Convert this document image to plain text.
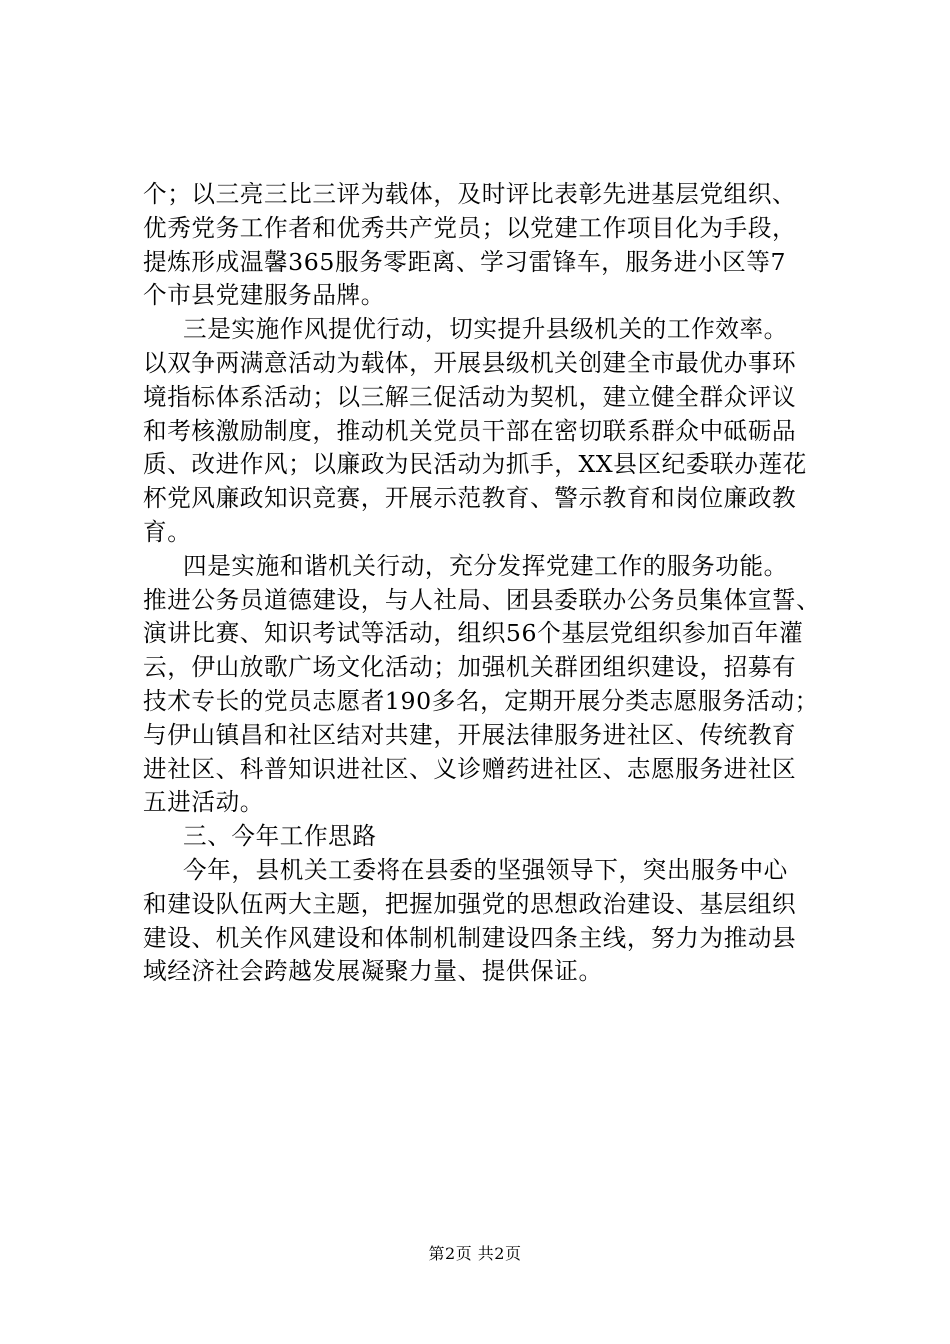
个；以三亮三比三评为载体，及时评比表彰先进基层党组织、
优秀党务工作者和优秀共产党员；以党建工作项目化为手段，
提炼形成温馨365服务零距离、学习雷锋车，服务进小区等7
个市县党建服务品牌。
三是实施作风提优行动，切实提升县级机关的工作效率。
以双争两满意活动为载体，开展县级机关创建全市最优办事环
境指标体系活动；以三解三促活动为契机，建立健全群众评议
和考核激励制度，推动机关党员干部在密切联系群众中砥砺品
质、改进作风；以廉政为民活动为抓手，XX县区纪委联办莲花
杯党风廉政知识竞赛，开展示范教育、警示教育和岗位廉政教
育。
四是实施和谐机关行动，充分发挥党建工作的服务功能。
推进公务员道德建设，与人社局、团县委联办公务员集体宣誓、
演讲比赛、知识考试等活动，组织56个基层党组织参加百年灌
云，伊山放歌广场文化活动；加强机关群团组织建设，招募有
技术专长的党员志愿者190多名，定期开展分类志愿服务活动；
与伊山镇昌和社区结对共建，开展法律服务进社区、传统教育
进社区、科普知识进社区、义诊赠药进社区、志愿服务进社区
五进活动。
三、今年工作思路
今年，县机关工委将在县委的坚强领导下，突出服务中心
和建设队伍两大主题，把握加强党的思想政治建设、基层组织
建设、机关作风建设和体制机制建设四条主线，努力为推动县
域经济社会跨越发展凝聚力量、提供保证。
第2页 共2页
